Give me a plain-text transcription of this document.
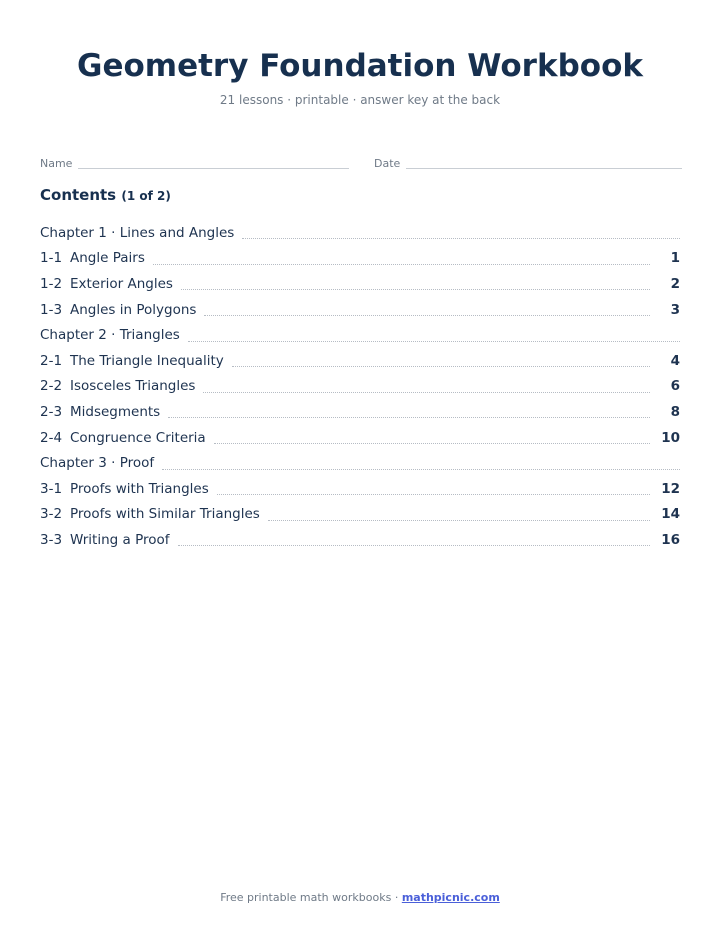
Geometry Foundation Workbook
21 lessons · printable · answer key at the back
Name	Date
Contents (1 of 2)
Chapter 1 · Lines and Angles
1-1 Angle Pairs	1
1-2 Exterior Angles	2
1-3 Angles in Polygons	3
Chapter 2 · Triangles
2-1 The Triangle Inequality	4
2-2 Isosceles Triangles	6
2-3 Midsegments	8
2-4 Congruence Criteria	10
Chapter 3 · Proof
3-1 Proofs with Triangles	12
3-2 Proofs with Similar Triangles	14
3-3 Writing a Proof	16
Free printable math workbooks · mathpicnic.com
